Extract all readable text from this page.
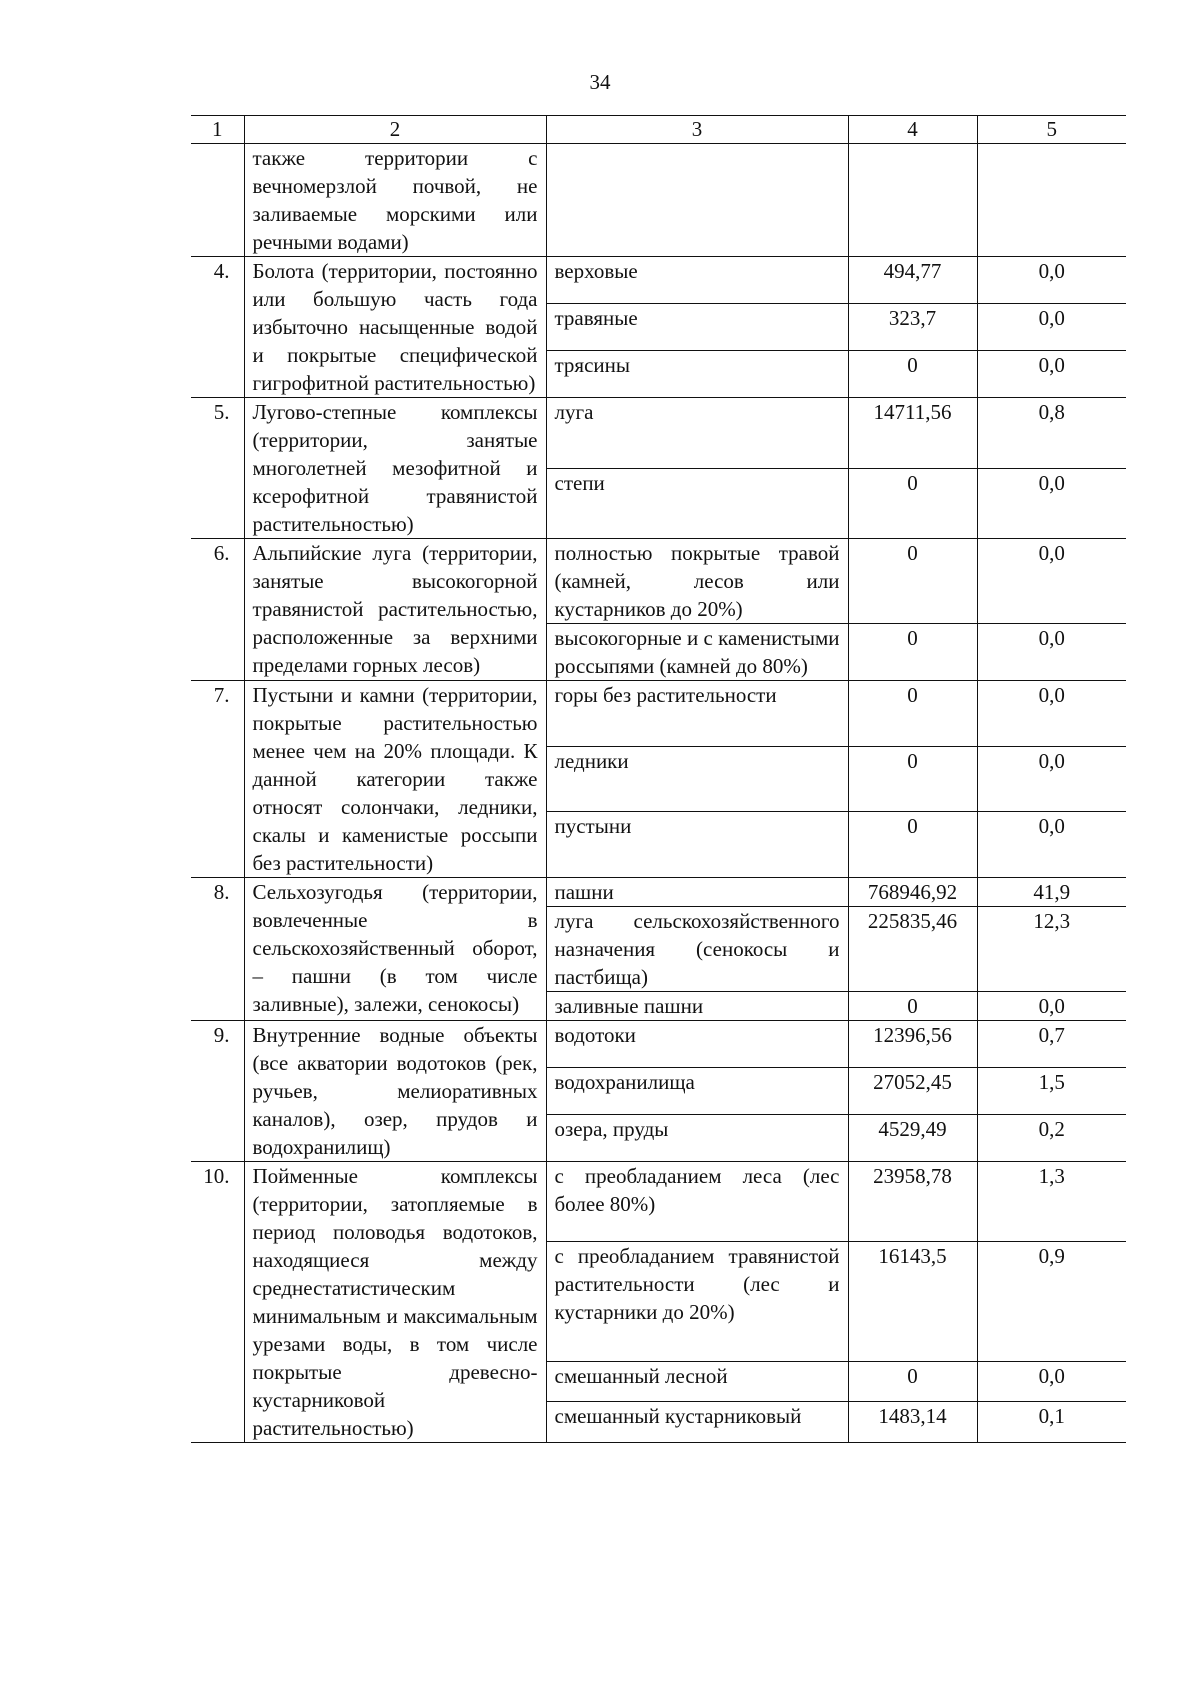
34
1	2	3	4	5
	также территории с вечномерзлой почвой, не заливаемые морскими или речными водами)			
4.	Болота (территории, постоянно или большую часть года избыточно насыщенные водой и покрытые специфической гигрофитной растительностью)	верховые	494,77	0,0
		травяные	323,7	0,0
		трясины	0	0,0
5.	Лугово-степные комплексы (территории, занятые многолетней мезофитной и ксерофитной травянистой растительностью)	луга	14711,56	0,8
		степи	0	0,0
6.	Альпийские луга (территории, занятые высокогорной травянистой растительностью, расположенные за верхними пределами горных лесов)	полностью покрытые травой (камней, лесов или кустарников до 20%)	0	0,0
		высокогорные и с каменистыми россыпями (камней до 80%)	0	0,0
7.	Пустыни и камни (территории, покрытые растительностью менее чем на 20% площади. К данной категории также относят солончаки, ледники, скалы и каменистые россыпи без растительности)	горы без растительности	0	0,0
		ледники	0	0,0
		пустыни	0	0,0
8.	Сельхозугодья (территории, вовлеченные в сельскохозяйственный оборот, – пашни (в том числе заливные), залежи, сенокосы)	пашни	768946,92	41,9
		луга сельскохозяйственного назначения (сенокосы и пастбища)	225835,46	12,3
		заливные пашни	0	0,0
9.	Внутренние водные объекты (все акватории водотоков (рек, ручьев, мелиоративных каналов), озер, прудов и водохранилищ)	водотоки	12396,56	0,7
		водохранилища	27052,45	1,5
		озера, пруды	4529,49	0,2
10.	Пойменные комплексы (территории, затопляемые в период половодья водотоков, находящиеся между среднестатистическим минимальным и максимальным урезами воды, в том числе покрытые древесно-кустарниковой растительностью)	с преобладанием леса (лес более 80%)	23958,78	1,3
		с преобладанием травянистой растительности (лес и кустарники до 20%)	16143,5	0,9
		смешанный лесной	0	0,0
		смешанный кустарниковый	1483,14	0,1
